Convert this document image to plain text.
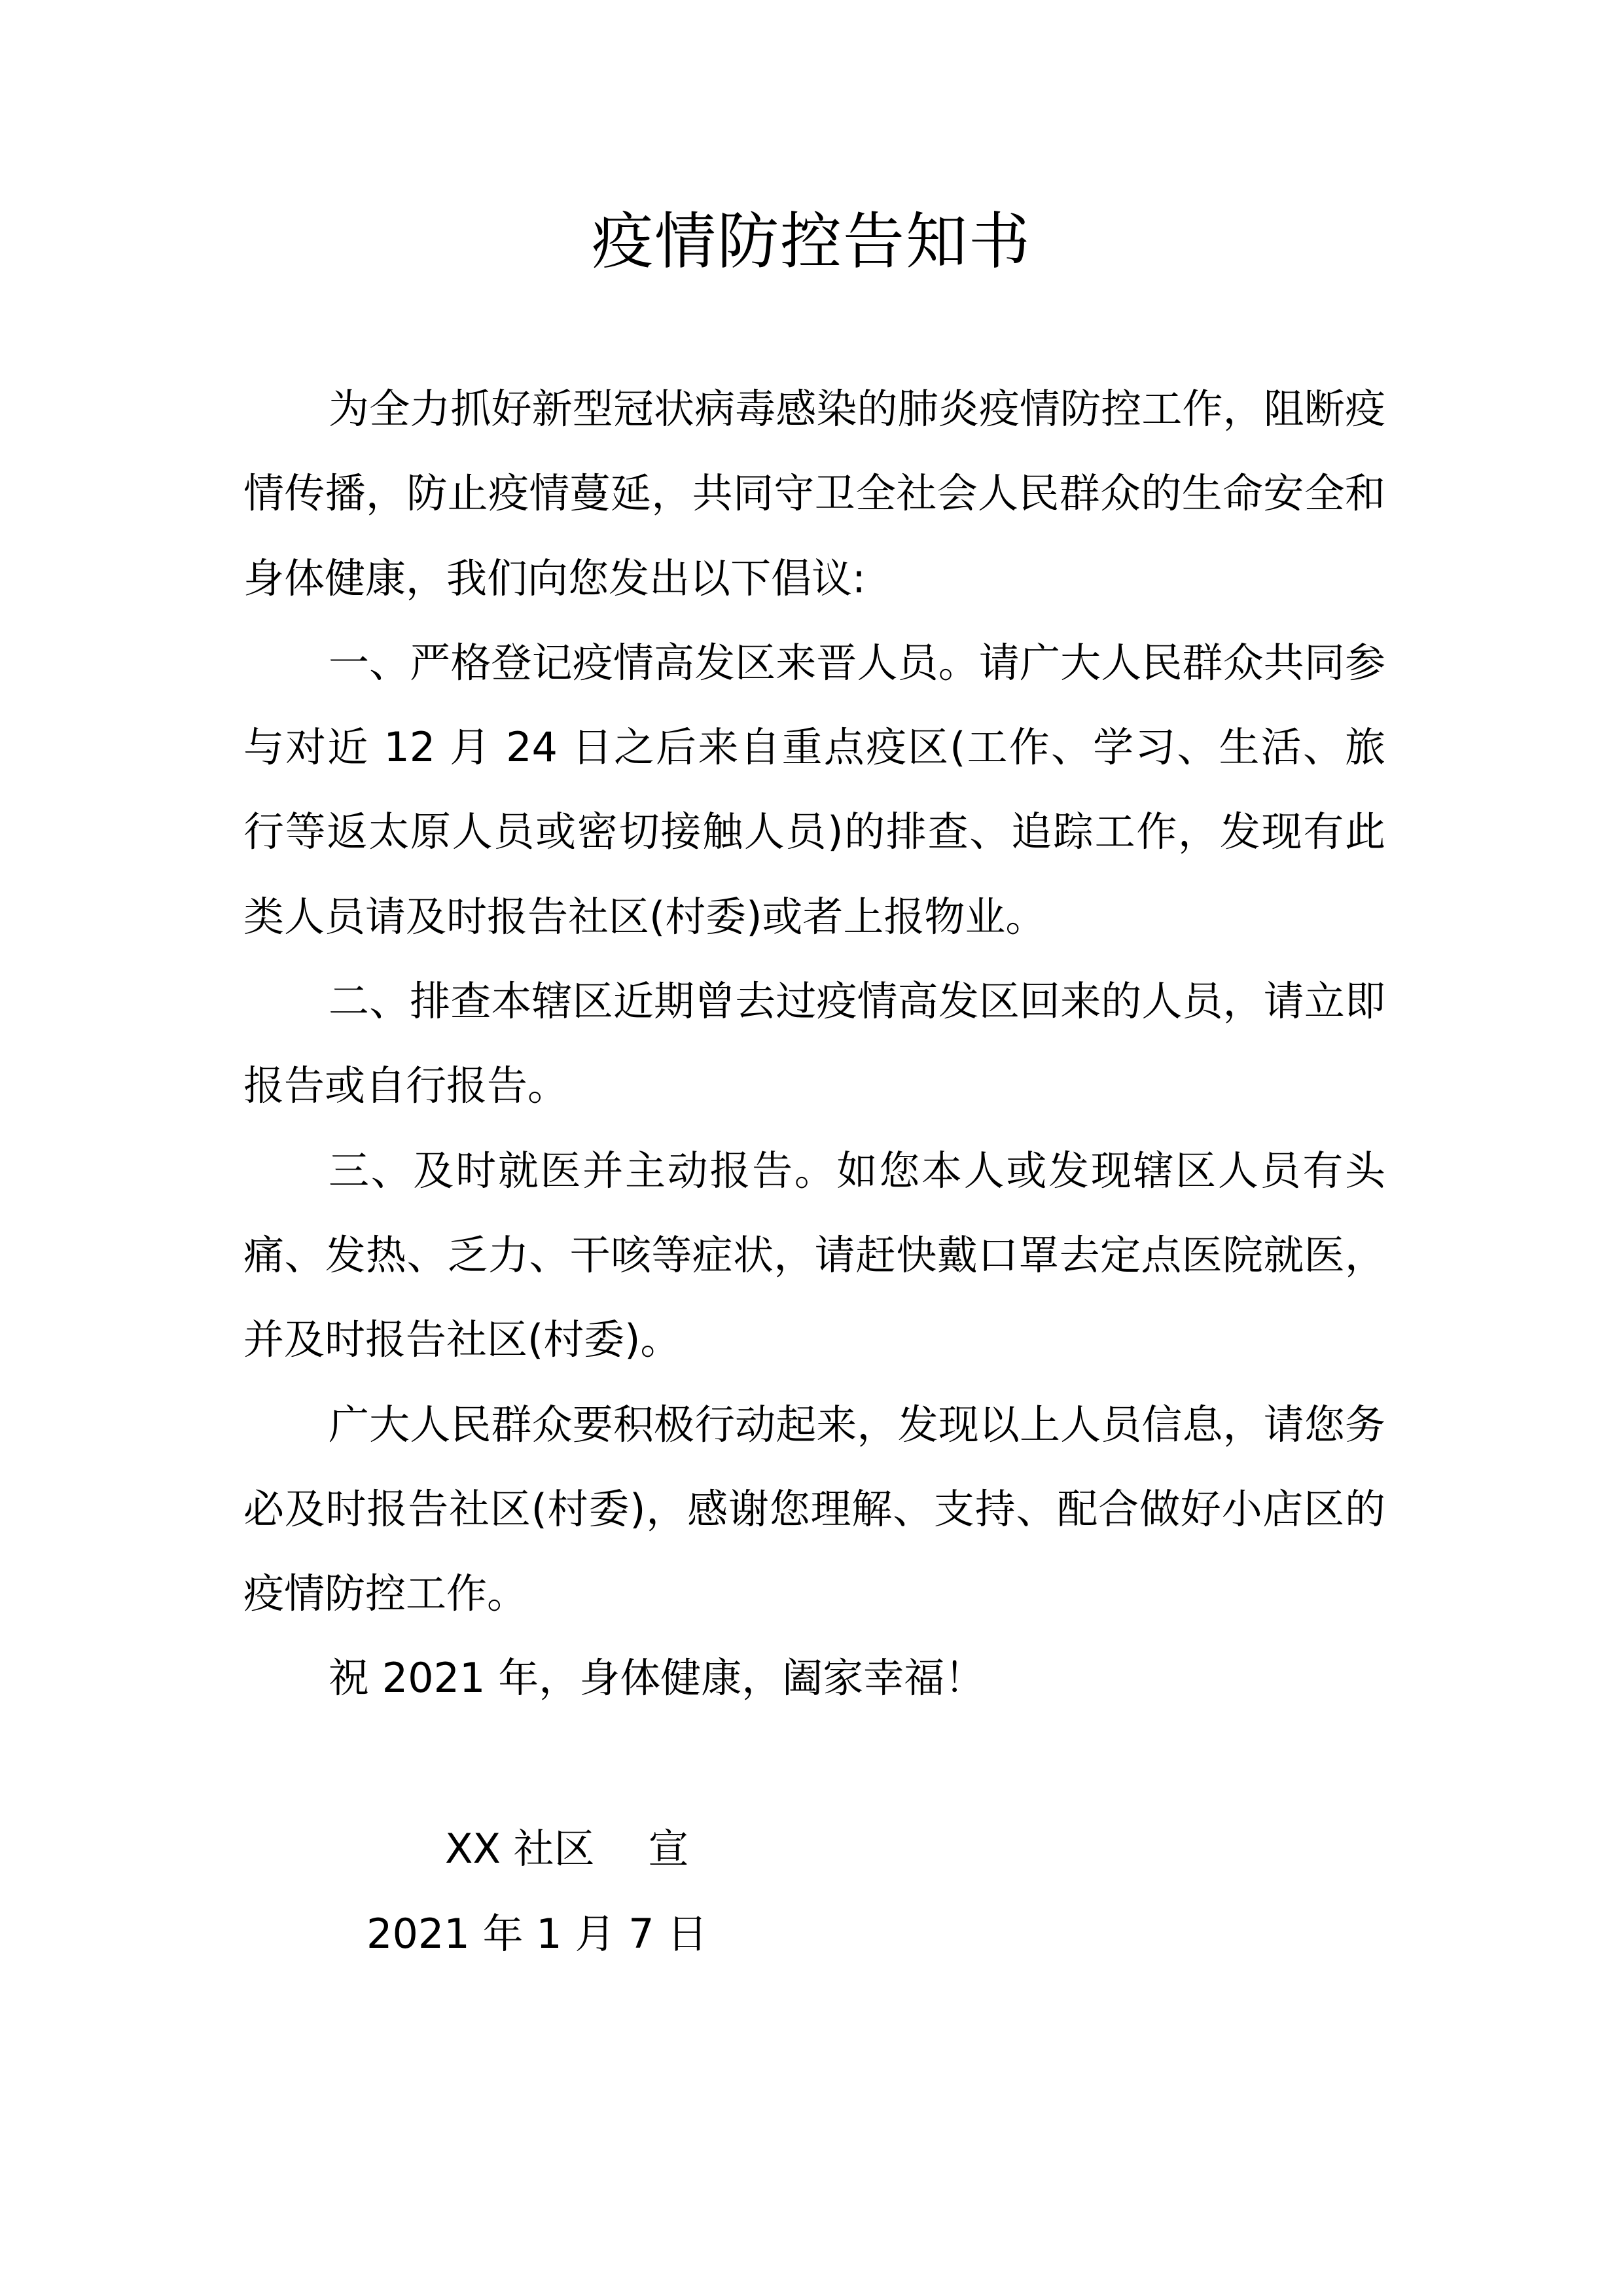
疫情防控告知书

为全力抓好新型冠状病毒感染的肺炎疫情防控工作，阻断疫情传播，防止疫情蔓延，共同守卫全社会人民群众的生命安全和身体健康，我们向您发出以下倡议:

一、严格登记疫情高发区来晋人员。请广大人民群众共同参与对近 12 月 24 日之后来自重点疫区(工作、学习、生活、旅行等返太原人员或密切接触人员)的排查、追踪工作，发现有此类人员请及时报告社区(村委)或者上报物业。

二、排查本辖区近期曾去过疫情高发区回来的人员，请立即报告或自行报告。

三、及时就医并主动报告。如您本人或发现辖区人员有头痛、发热、乏力、干咳等症状，请赶快戴口罩去定点医院就医，并及时报告社区(村委)。

广大人民群众要积极行动起来，发现以上人员信息，请您务必及时报告社区(村委)，感谢您理解、支持、配合做好小店区的疫情防控工作。

祝 2021 年，身体健康，阖家幸福！

XX 社区　 宣
2021 年 1 月 7 日
